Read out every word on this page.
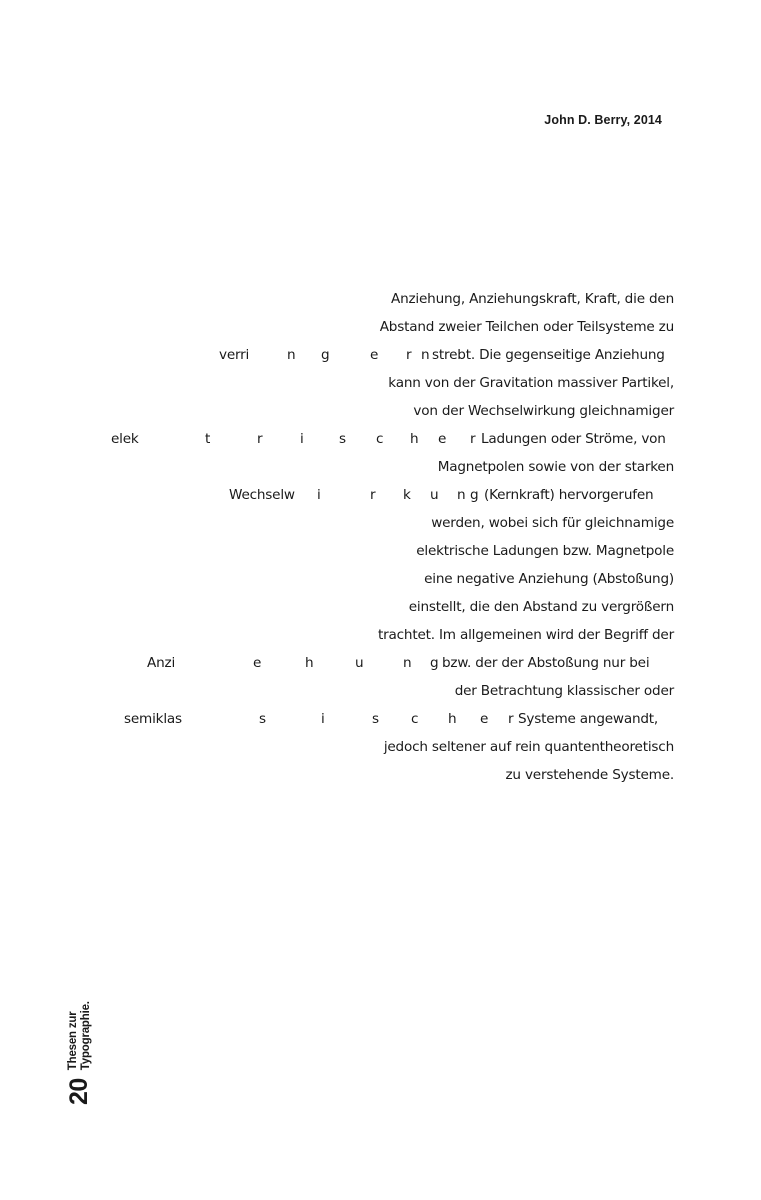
John D. Berry, 2014
Anziehung, Anziehungskraft, Kraft, die den
Abstand zweier Teilchen oder Teilsysteme zu
verri	n g	e r n strebt. Die gegenseitige Anziehung
kann von der Gravitation massiver Partikel,
von der Wechselwirkung gleichnamiger
elek	t	r	i	s c h e r Ladungen oder Ströme, von
Magnetpolen sowie von der starken
Wechselw i	r k u n g (Kernkraft) hervorgerufen
werden, wobei sich für gleichnamige
elektrische Ladungen bzw. Magnetpole
eine negative Anziehung (Abstoßung)
einstellt, die den Abstand zu vergrößern
trachtet. Im allgemeinen wird der Begriff der
Anzi	e	h	u	n g bzw. der der Abstoßung nur bei
der Betrachtung klassischer oder
semiklas	s	i	s c h e r Systeme angewandt,
jedoch seltener auf rein quantentheoretisch
zu verstehende Systeme.
20
Thesen zur
Typographie.
